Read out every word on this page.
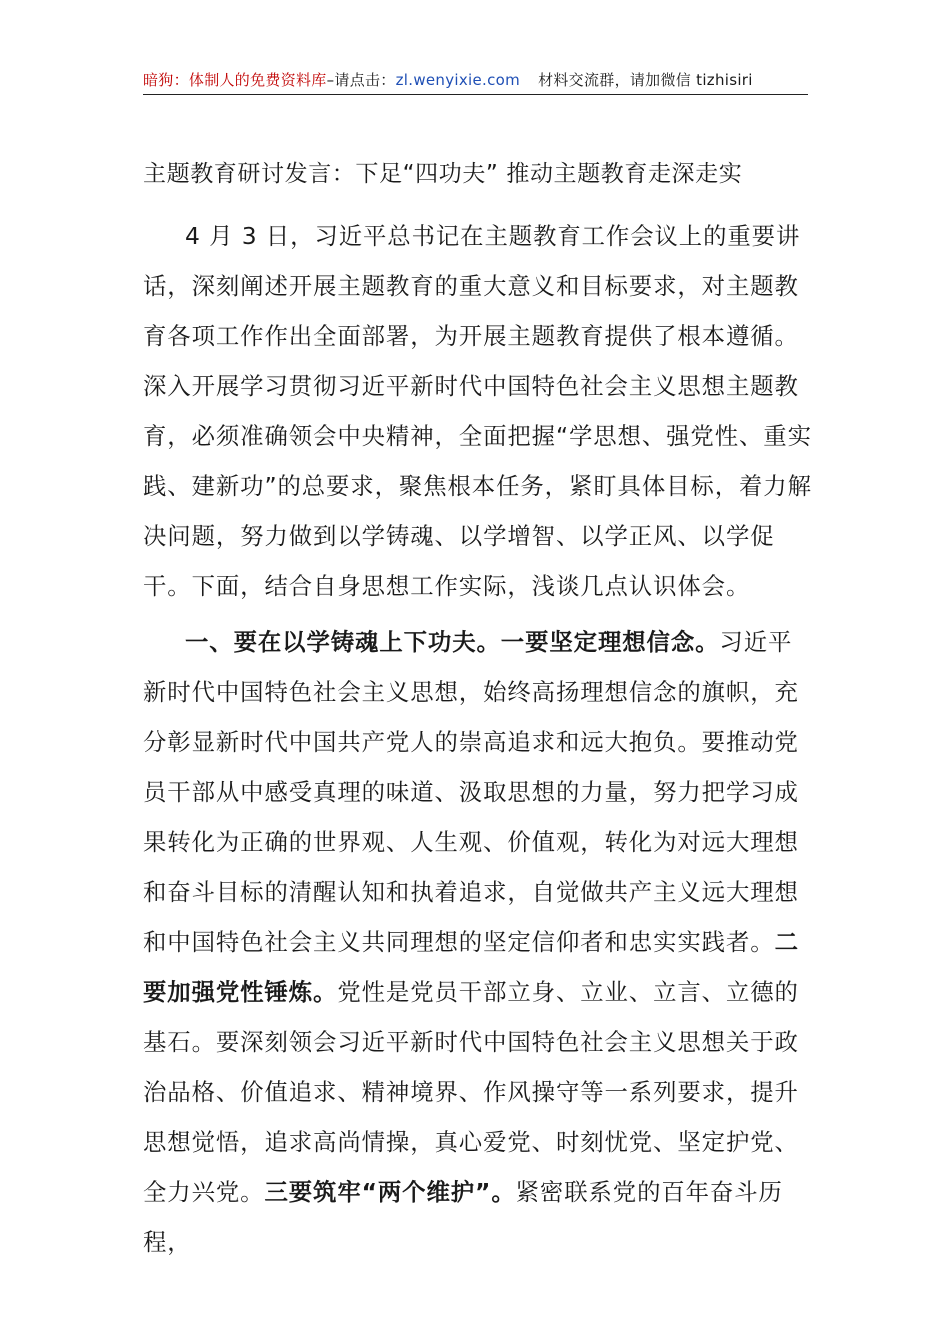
暗狗：体制人的免费资料库–请点击：zl.wenyixie.com 材料交流群，请加微信 tizhisiri
主题教育研讨发言：下足“四功夫” 推动主题教育走深走实
4 月 3 日，习近平总书记在主题教育工作会议上的重要讲话，深刻阐述开展主题教育的重大意义和目标要求，对主题教育各项工作作出全面部署，为开展主题教育提供了根本遵循。深入开展学习贯彻习近平新时代中国特色社会主义思想主题教育，必须准确领会中央精神，全面把握“学思想、强党性、重实践、建新功”的总要求，聚焦根本任务，紧盯具体目标，着力解决问题，努力做到以学铸魂、以学增智、以学正风、以学促干。下面，结合自身思想工作实际，浅谈几点认识体会。
一、要在以学铸魂上下功夫。一要坚定理想信念。习近平新时代中国特色社会主义思想，始终高扬理想信念的旗帜，充分彰显新时代中国共产党人的崇高追求和远大抱负。要推动党员干部从中感受真理的味道、汲取思想的力量，努力把学习成果转化为正确的世界观、人生观、价值观，转化为对远大理想和奋斗目标的清醒认知和执着追求，自觉做共产主义远大理想和中国特色社会主义共同理想的坚定信仰者和忠实实践者。二要加强党性锤炼。党性是党员干部立身、立业、立言、立德的基石。要深刻领会习近平新时代中国特色社会主义思想关于政治品格、价值追求、精神境界、作风操守等一系列要求，提升思想觉悟，追求高尚情操，真心爱党、时刻忧党、坚定护党、全力兴党。三要筑牢“两个维护”。紧密联系党的百年奋斗历程，
